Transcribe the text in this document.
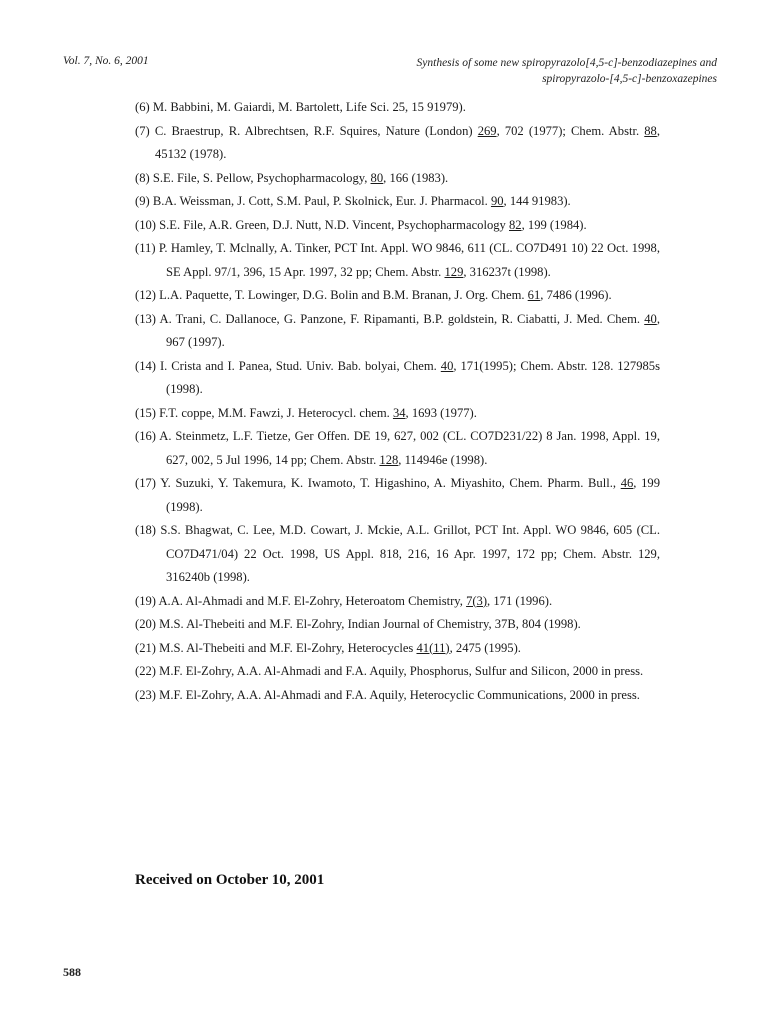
Vol. 7, No. 6, 2001	Synthesis of some new spiropyrazolo[4,5-c]-benzodiazepines and
spiropyrazolo-[4,5-c]-benzoxazepines
(6) M. Babbini, M. Gaiardi, M. Bartolett, Life Sci. 25, 15 91979).
(7) C. Braestrup, R. Albrechtsen, R.F. Squires, Nature (London) 269, 702 (1977); Chem. Abstr. 88, 45132 (1978).
(8) S.E. File, S. Pellow, Psychopharmacology, 80, 166 (1983).
(9) B.A. Weissman, J. Cott, S.M. Paul, P. Skolnick, Eur. J. Pharmacol. 90, 144 91983).
(10) S.E. File, A.R. Green, D.J. Nutt, N.D. Vincent, Psychopharmacology 82, 199 (1984).
(11) P. Hamley, T. Mclnally, A. Tinker, PCT Int. Appl. WO 9846, 611 (CL. CO7D491 10) 22 Oct. 1998, SE Appl. 97/1, 396, 15 Apr. 1997, 32 pp; Chem. Abstr. 129, 316237t (1998).
(12) L.A. Paquette, T. Lowinger, D.G. Bolin and B.M. Branan, J. Org. Chem. 61, 7486 (1996).
(13) A. Trani, C. Dallanoce, G. Panzone, F. Ripamanti, B.P. goldstein, R. Ciabatti, J. Med. Chem. 40, 967 (1997).
(14) I. Crista and I. Panea, Stud. Univ. Bab. bolyai, Chem. 40, 171(1995); Chem. Abstr. 128. 127985s (1998).
(15) F.T. coppe, M.M. Fawzi, J. Heterocycl. chem. 34, 1693 (1977).
(16) A. Steinmetz, L.F. Tietze, Ger Offen. DE 19, 627, 002 (CL. CO7D231/22) 8 Jan. 1998, Appl. 19, 627, 002, 5 Jul 1996, 14 pp; Chem. Abstr. 128, 114946e (1998).
(17) Y. Suzuki, Y. Takemura, K. Iwamoto, T. Higashino, A. Miyashito, Chem. Pharm. Bull., 46, 199 (1998).
(18) S.S. Bhagwat, C. Lee, M.D. Cowart, J. Mckie, A.L. Grillot, PCT Int. Appl. WO 9846, 605 (CL. CO7D471/04) 22 Oct. 1998, US Appl. 818, 216, 16 Apr. 1997, 172 pp; Chem. Abstr. 129, 316240b (1998).
(19) A.A. Al-Ahmadi and M.F. El-Zohry, Heteroatom Chemistry, 7(3), 171 (1996).
(20) M.S. Al-Thebeiti and M.F. El-Zohry, Indian Journal of Chemistry, 37B, 804 (1998).
(21) M.S. Al-Thebeiti and M.F. El-Zohry, Heterocycles 41(11), 2475 (1995).
(22) M.F. El-Zohry, A.A. Al-Ahmadi and F.A. Aquily, Phosphorus, Sulfur and Silicon, 2000 in press.
(23) M.F. El-Zohry, A.A. Al-Ahmadi and F.A. Aquily, Heterocyclic Communications, 2000 in press.
Received on October 10, 2001
588
